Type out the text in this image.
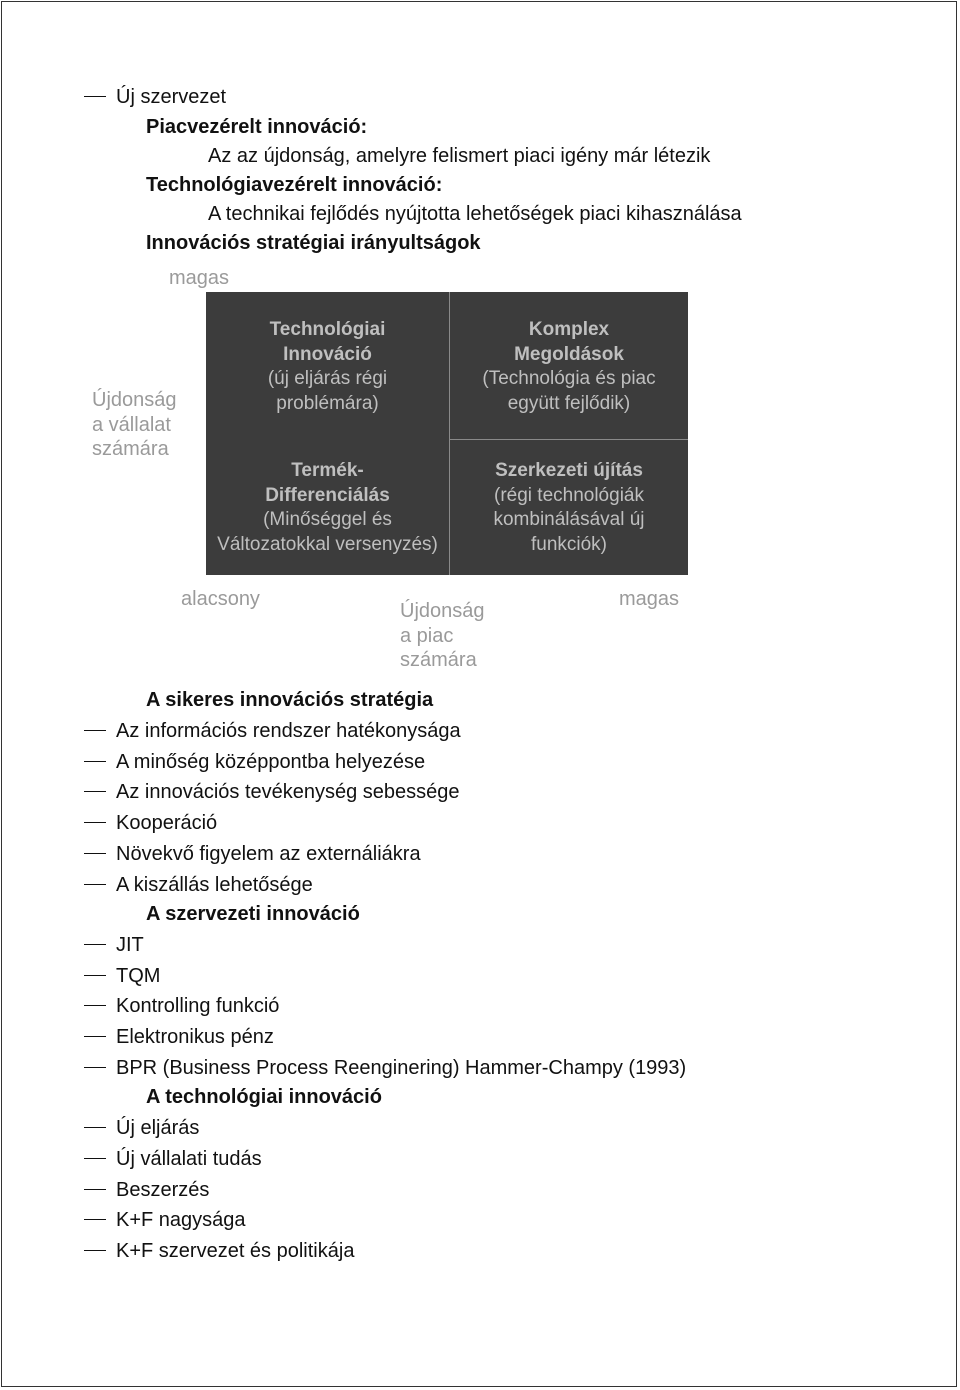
Új szervezet
Piacvezérelt innováció:
Az az újdonság, amelyre felismert piaci igény már létezik
Technológiavezérelt innováció:
A technikai fejlődés nyújtotta lehetőségek piaci kihasználása
Innovációs stratégiai irányultságok
magas
Újdonság
a vállalat
számára
alacsony	magas
Újdonság
a piac
számára
Technológiai
Innováció
(új eljárás régi
problémára)
Komplex
Megoldások
(Technológia és piac
együtt fejlődik)
Termék-
Differenciálás
(Minőséggel és
Változatokkal versenyzés)
Szerkezeti újítás
(régi technológiák
kombinálásával új
funkciók)
A sikeres innovációs stratégia
Az információs rendszer hatékonysága
A minőség középpontba helyezése
Az innovációs tevékenység sebessége
Kooperáció
Növekvő figyelem az externáliákra
A kiszállás lehetősége
A szervezeti innováció
JIT
TQM
Kontrolling funkció
Elektronikus pénz
BPR (Business Process Reenginering) Hammer-Champy (1993)
A technológiai innováció
Új eljárás
Új vállalati tudás
Beszerzés
K+F nagysága
K+F szervezet és politikája
